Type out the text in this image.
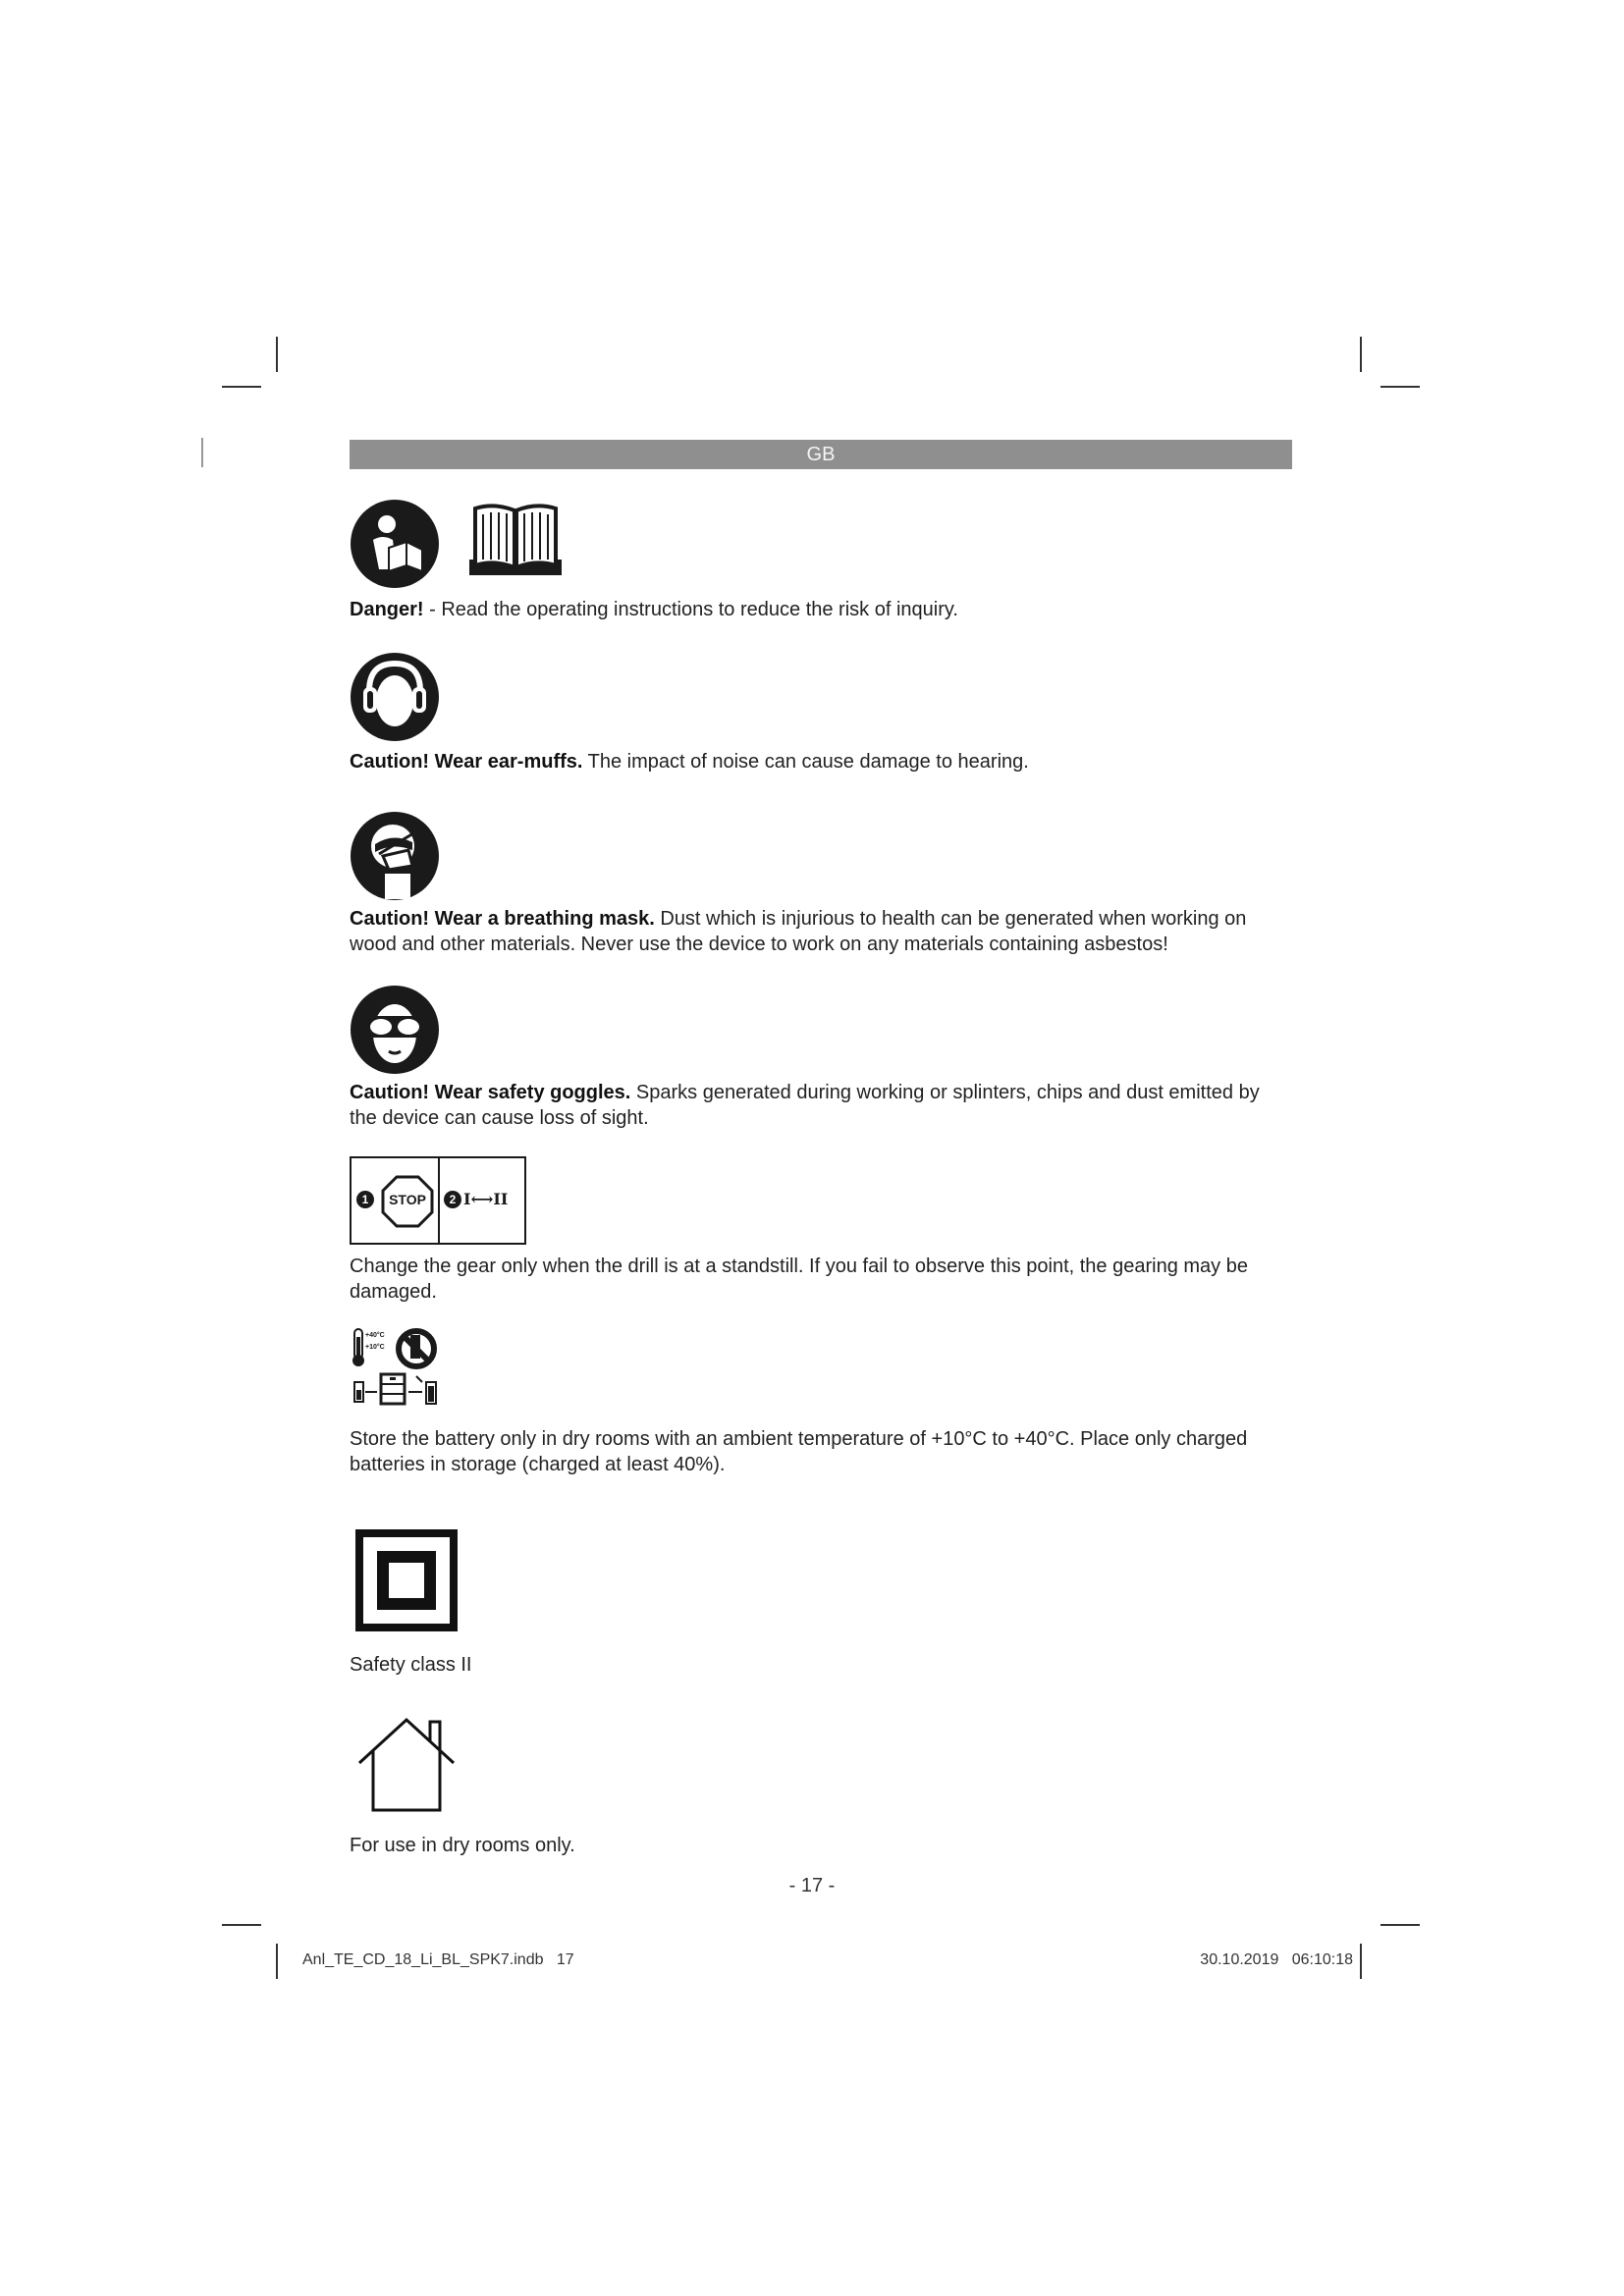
GB
Danger! - Read the operating instructions to reduce the risk of inquiry.
Caution! Wear ear-muffs. The impact of noise can cause damage to hearing.
Caution! Wear a breathing mask. Dust which is injurious to health can be generated when working on wood and other materials. Never use the device to work on any materials containing asbestos!
Caution! Wear safety goggles. Sparks generated during working or splinters, chips and dust emitted by the device can cause loss of sight.
1	STOP	2 I⟷II
Change the gear only when the drill is at a standstill. If you fail to observe this point, the gearing may be damaged.
+40°C
+10°C
Store the battery only in dry rooms with an ambient temperature of +10°C to +40°C. Place only charged batteries in storage (charged at least 40%).
Safety class II
For use in dry rooms only.
- 17 -
Anl_TE_CD_18_Li_BL_SPK7.indb   17	30.10.2019   06:10:18
